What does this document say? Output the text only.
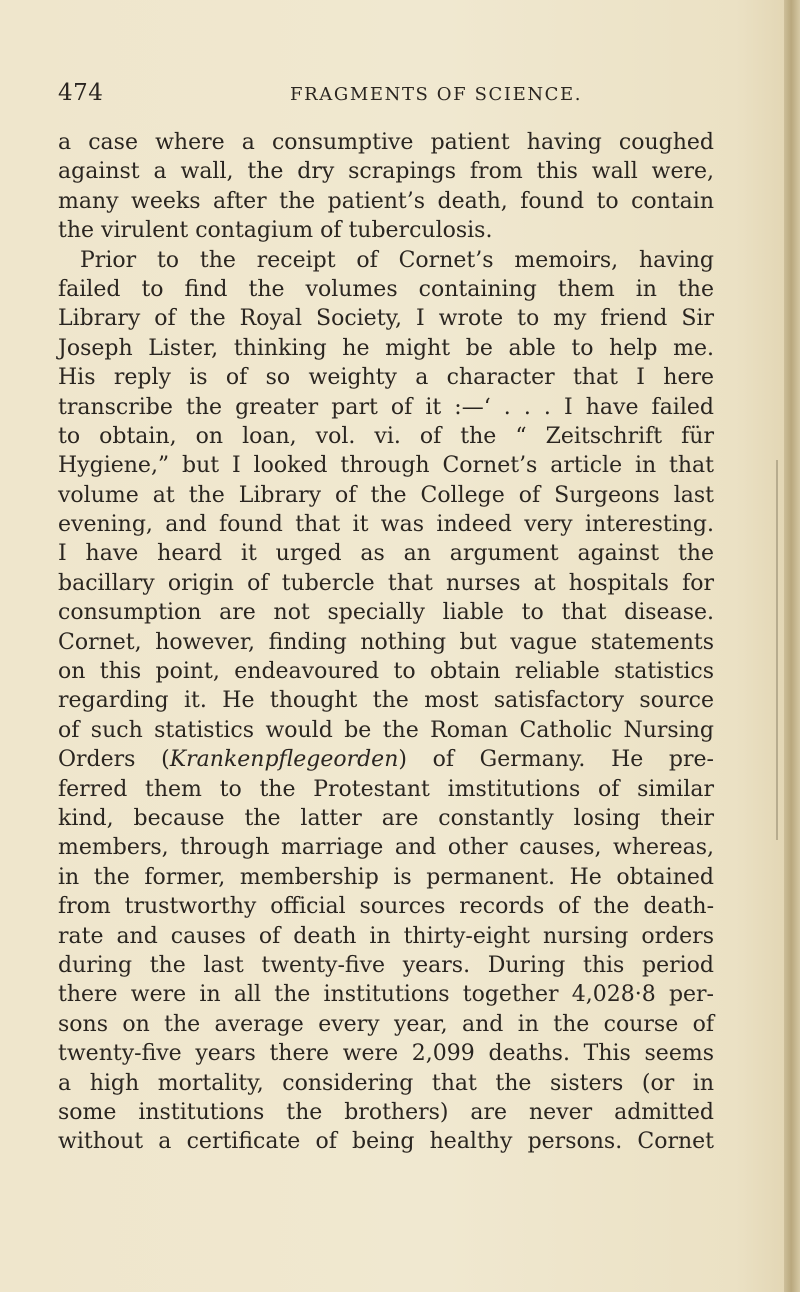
474	FRAGMENTS OF SCIENCE.
a case where a consumptive patient having coughed
against a wall, the dry scrapings from this wall were,
many weeks after the patient’s death, found to contain
the virulent contagium of tuberculosis.
Prior to the receipt of Cornet’s memoirs, having
failed to find the volumes containing them in the
Library of the Royal Society, I wrote to my friend Sir
Joseph Lister, thinking he might be able to help me.
His reply is of so weighty a character that I here
transcribe the greater part of it :—‘ . . . I have failed
to obtain, on loan, vol. vi. of the “ Zeitschrift für
Hygiene,” but I looked through Cornet’s article in that
volume at the Library of the College of Surgeons last
evening, and found that it was indeed very interesting.
I have heard it urged as an argument against the
bacillary origin of tubercle that nurses at hospitals for
consumption are not specially liable to that disease.
Cornet, however, finding nothing but vague statements
on this point, endeavoured to obtain reliable statistics
regarding it. He thought the most satisfactory source
of such statistics would be the Roman Catholic Nursing
Orders (Krankenpflegeorden) of Germany. He pre-
ferred them to the Protestant imstitutions of similar
kind, because the latter are constantly losing their
members, through marriage and other causes, whereas,
in the former, membership is permanent. He obtained
from trustworthy official sources records of the death-
rate and causes of death in thirty-eight nursing orders
during the last twenty-five years. During this period
there were in all the institutions together 4,028·8 per-
sons on the average every year, and in the course of
twenty-five years there were 2,099 deaths. This seems
a high mortality, considering that the sisters (or in
some institutions the brothers) are never admitted
without a certificate of being healthy persons. Cornet
